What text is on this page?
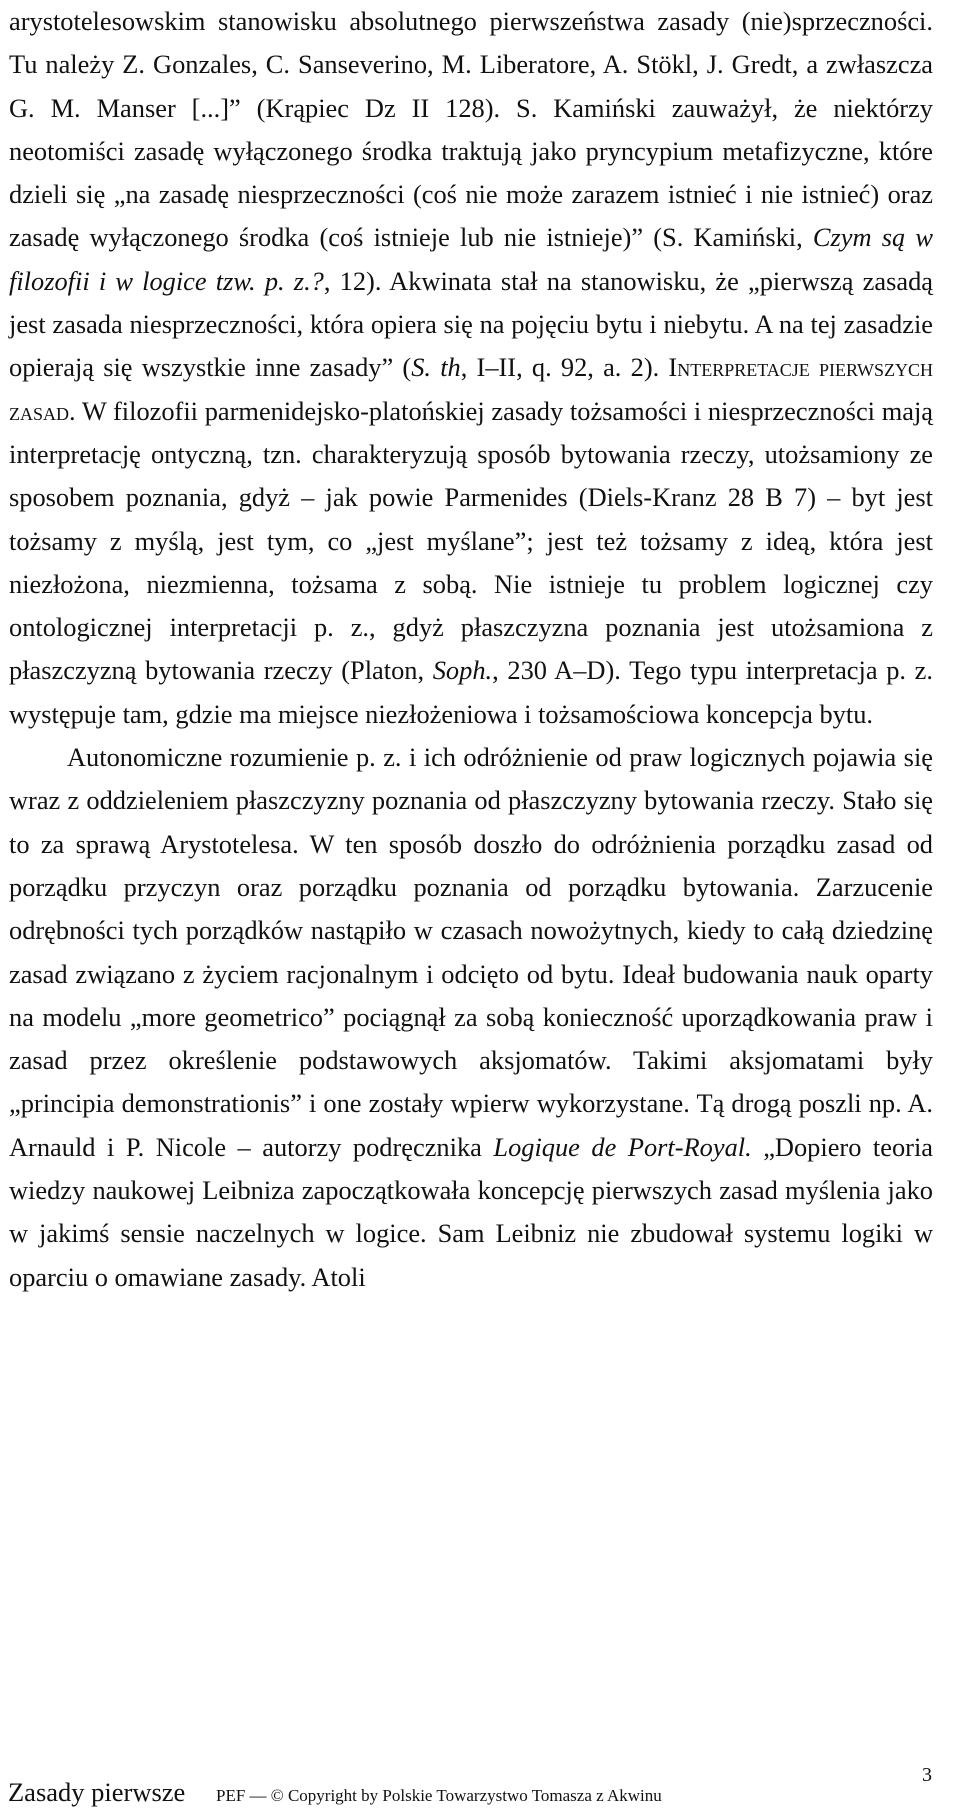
arystotelesowskim stanowisku absolutnego pierwszeństwa zasady (nie)sprzeczności. Tu należy Z. Gonzales, C. Sanseverino, M. Liberatore, A. Stökl, J. Gredt, a zwłaszcza G. M. Manser [...]” (Krąpiec Dz II 128). S. Kamiński zauważył, że niektórzy neotomiści zasadę wyłączonego środka traktują jako pryncypium metafizyczne, które dzieli się „na zasadę niesprzeczności (coś nie może zarazem istnieć i nie istnieć) oraz zasadę wyłączonego środka (coś istnieje lub nie istnieje)” (S. Kamiński, Czym są w filozofii i w logice tzw. p. z.?, 12). Akwinata stał na stanowisku, że „pierwszą zasadą jest zasada niesprzeczności, która opiera się na pojęciu bytu i niebytu. A na tej zasadzie opierają się wszystkie inne zasady” (S. th, I–II, q. 92, a. 2). Interpretacje pierwszych zasad. W filozofii parmenidejsko-platońskiej zasady tożsamości i niesprzeczności mają interpretację ontyczną, tzn. charakteryzują sposób bytowania rzeczy, utożsamiony ze sposobem poznania, gdyż – jak powie Parmenides (Diels-Kranz 28 B 7) – byt jest tożsamy z myślą, jest tym, co „jest myślane”; jest też tożsamy z ideą, która jest niezłożona, niezmienna, tożsama z sobą. Nie istnieje tu problem logicznej czy ontologicznej interpretacji p. z., gdyż płaszczyzna poznania jest utożsamiona z płaszczyzną bytowania rzeczy (Platon, Soph., 230 A–D). Tego typu interpretacja p. z. występuje tam, gdzie ma miejsce niezłożeniowa i tożsamościowa koncepcja bytu.

Autonomiczne rozumienie p. z. i ich odróżnienie od praw logicznych pojawia się wraz z oddzieleniem płaszczyzny poznania od płaszczyzny bytowania rzeczy. Stało się to za sprawą Arystotelesa. W ten sposób doszło do odróżnienia porządku zasad od porządku przyczyn oraz porządku poznania od porządku bytowania. Zarzucenie odrębności tych porządków nastąpiło w czasach nowożytnych, kiedy to całą dziedzinę zasad związano z życiem racjonalnym i odcięto od bytu. Ideał budowania nauk oparty na modelu „more geometrico” pociągnął za sobą konieczność uporządkowania praw i zasad przez określenie podstawowych aksjomatów. Takimi aksjomatami były „principia demonstrationis” i one zostały wpierw wykorzystane. Tą drogą poszli np. A. Arnauld i P. Nicole – autorzy podręcznika Logique de Port-Royal. „Dopiero teoria wiedzy naukowej Leibniza zapoczątkowała koncepcję pierwszych zasad myślenia jako w jakimś sensie naczelnych w logice. Sam Leibniz nie zbudował systemu logiki w oparciu o omawiane zasady. Atoli

Zasady pierwsze PEF — © Copyright by Polskie Towarzystwo Tomasza z Akwinu
3
